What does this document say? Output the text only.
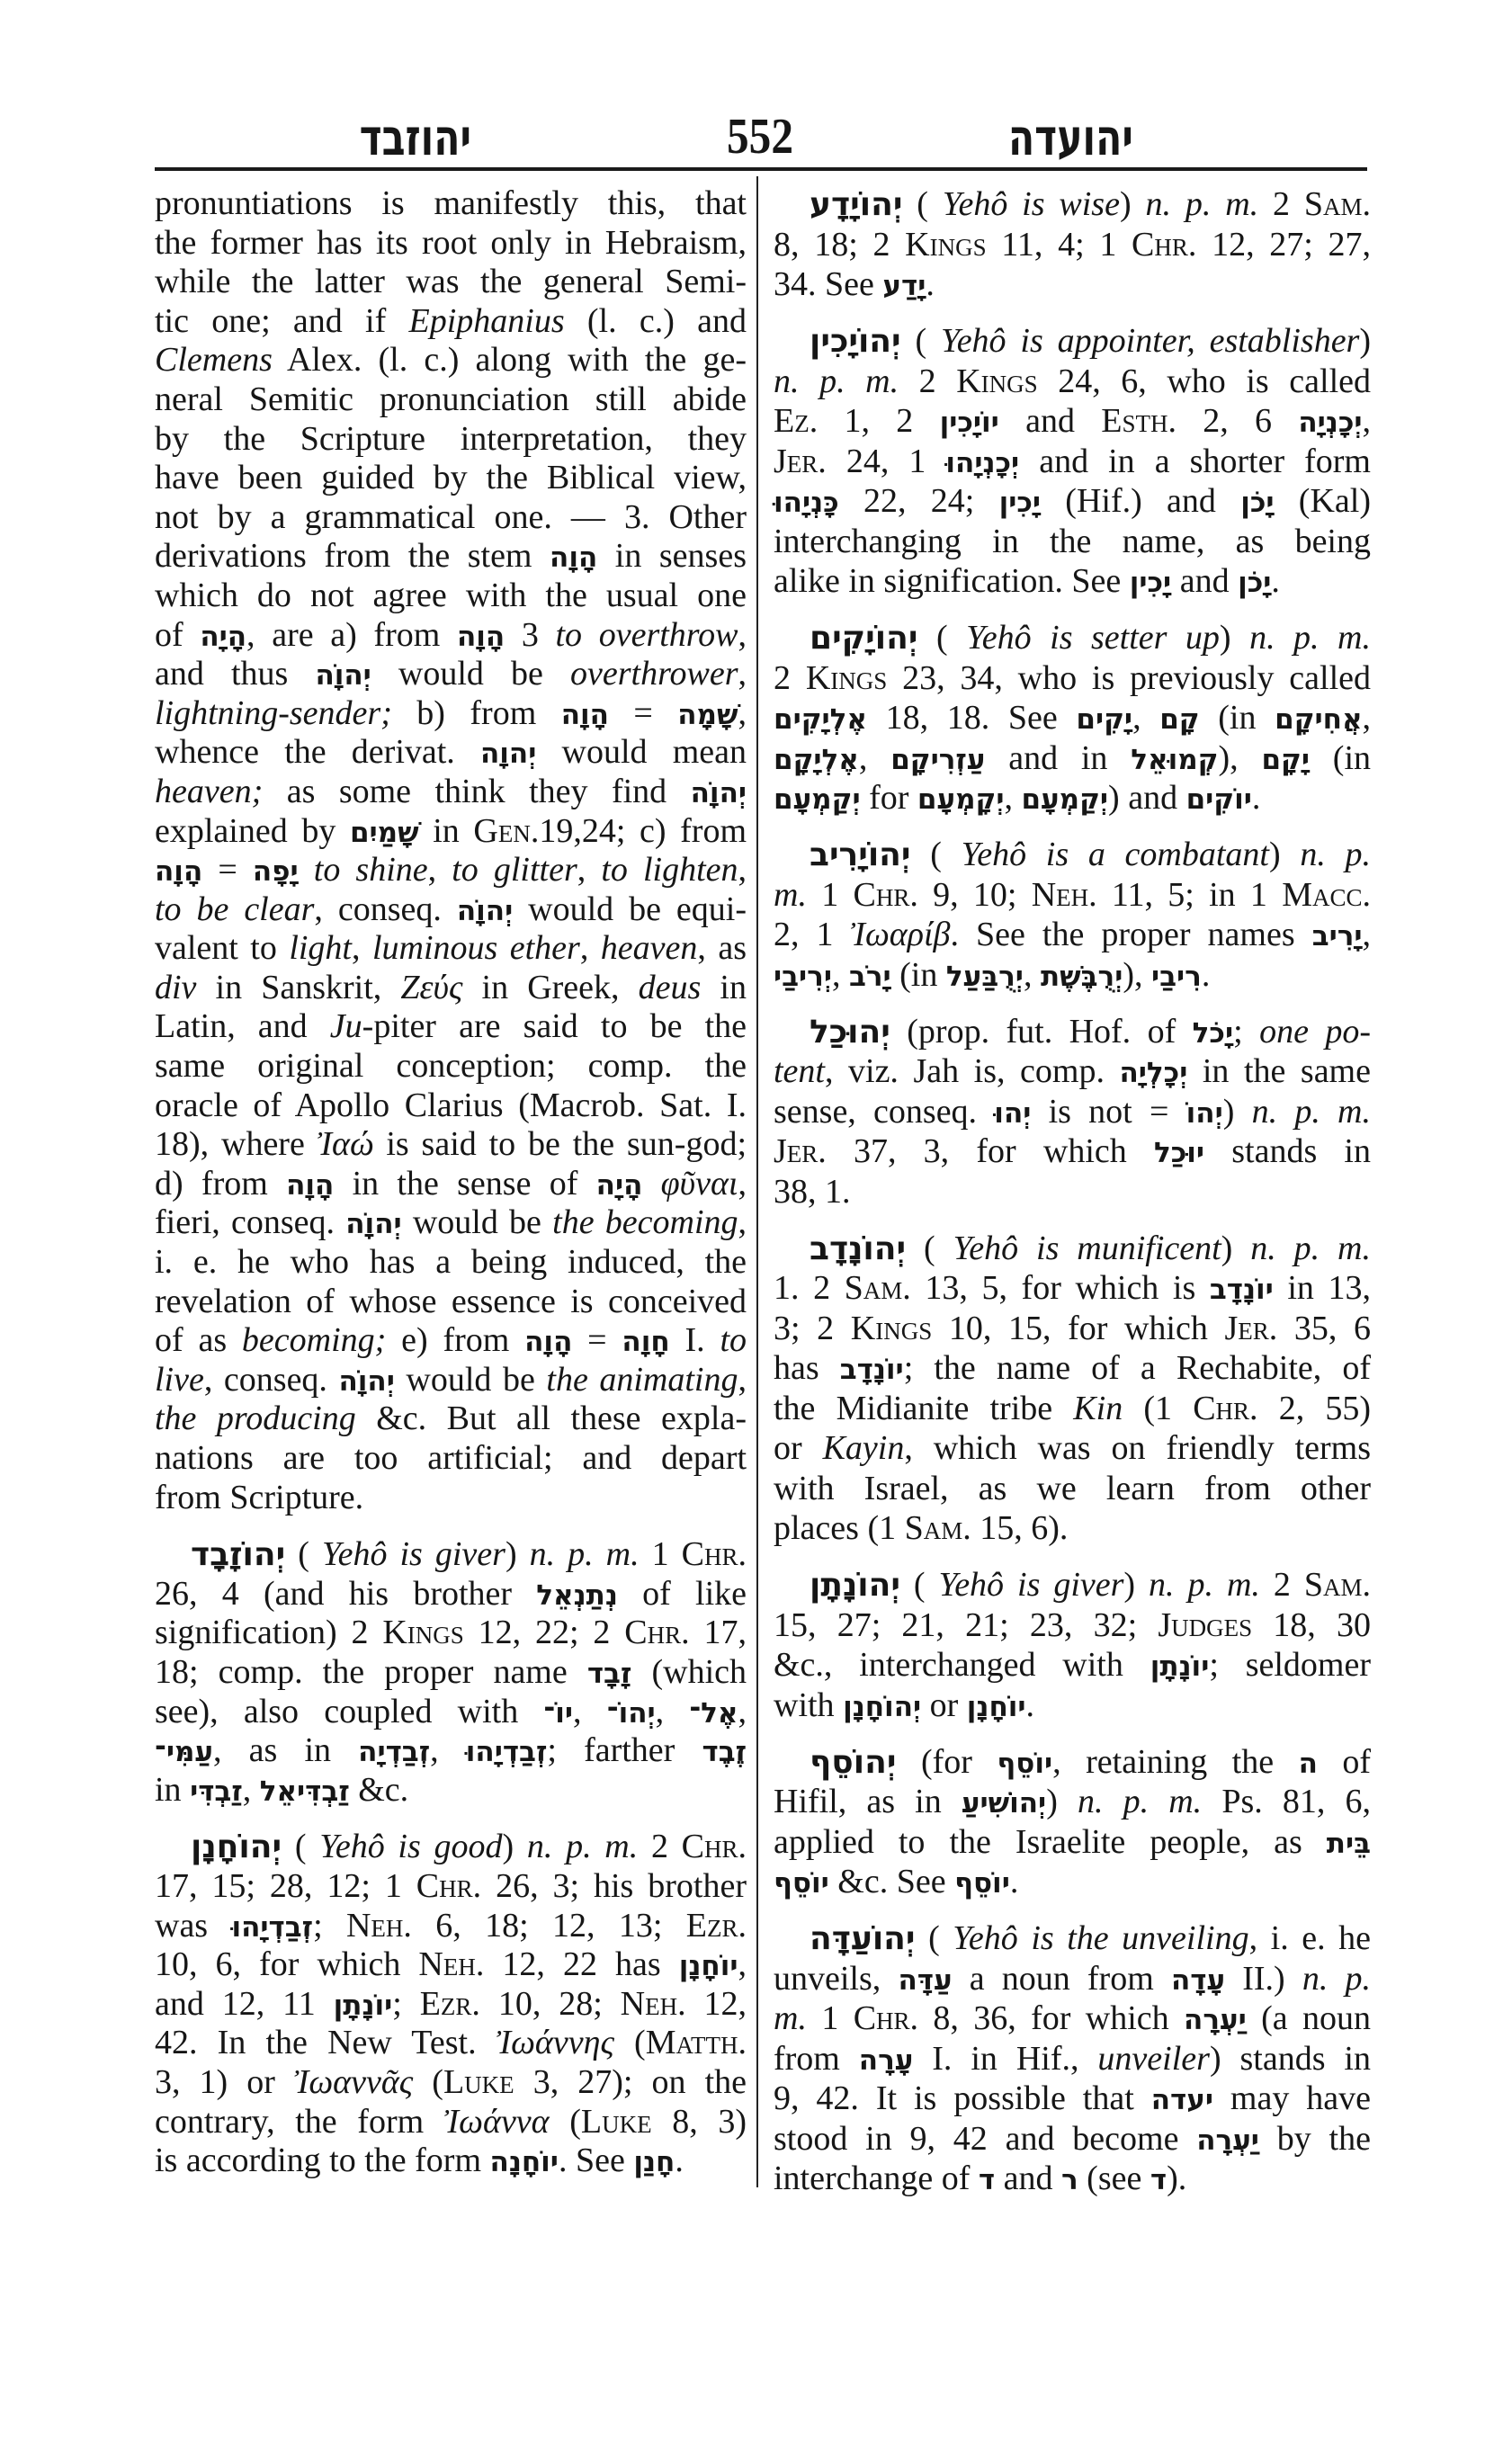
יהוזבד	552	יהועדה
pronuntiations is manifestly this, that
the former has its root only in Hebraism,
while the latter was the general Semi-
tic one; and if Epiphanius (l. c.) and
Clemens Alex. (l. c.) along with the ge-
neral Semitic pronunciation still abide
by the Scripture interpretation, they
have been guided by the Biblical view,
not by a grammatical one. — 3. Other
derivations from the stem הָוָה in senses
which do not agree with the usual one
of הָיָה, are a) from הָוָה 3 to overthrow,
and thus יְהוָֹה would be overthrower,
lightning-sender; b) from הָוָה = שָׁמָה,
whence the derivat. יְהוָה would mean
heaven; as some think they find יְהוָֹה
explained by שָׁמַיִם in Gen.19,24; c) from
הָוָה = יָפָה to shine, to glitter, to lighten,
to be clear, conseq. יְהוָֹה would be equi-
valent to light, luminous ether, heaven, as
div in Sanskrit, Ζεύς in Greek, deus in
Latin, and Ju-piter are said to be the
same original conception; comp. the
oracle of Apollo Clarius (Macrob. Sat. I.
18), where Ἰαώ is said to be the sun-god;
d) from הָוָה in the sense of הָיָה φῦναι,
fieri, conseq. יְהוָֹה would be the becoming,
i. e. he who has a being induced, the
revelation of whose essence is conceived
of as becoming; e) from הָוָה = חָוָה I. to
live, conseq. יְהוָֹה would be the animating,
the producing &c. But all these expla-
nations are too artificial; and depart
from Scripture.
יְהוֹזָבָד ( Yehô is giver) n. p. m. 1 Chr.
26, 4 (and his brother נְתַנְאֵל of like
signification) 2 Kings 12, 22; 2 Chr. 17,
18; comp. the proper name זָבָד (which
see), also coupled with יוֹ־, יְהוֹ־, אֶל־,
עַמִּי־, as in זְבַדְיָה, זְבַדְיָהוּ; farther זֶבֶד
in זַבְדִּי, זַבְדִּיאֵל &c.
יְהוֹחָנָן ( Yehô is good) n. p. m. 2 Chr.
17, 15; 28, 12; 1 Chr. 26, 3; his brother
was זְבַדְיָהוּ; Neh. 6, 18; 12, 13; Ezr.
10, 6, for which Neh. 12, 22 has יוֹחָנָן,
and 12, 11 יוֹנָתָן; Ezr. 10, 28; Neh. 12,
42. In the New Test. Ἰωάννης (Matth.
3, 1) or Ἰωαννᾶς (Luke 3, 27); on the
contrary, the form Ἰωάννα (Luke 8, 3)
is according to the form יוֹחָנָה. See חָנַן.
יְהוֹיָדָע ( Yehô is wise) n. p. m. 2 Sam.
8, 18; 2 Kings 11, 4; 1 Chr. 12, 27; 27,
34. See יָדַע.
יְהוֹיָכִין ( Yehô is appointer, establisher)
n. p. m. 2 Kings 24, 6, who is called
Ez. 1, 2 יוֹיָכִין and Esth. 2, 6 יְכָנְיָה,
Jer. 24, 1 יְכָנְיָהוּ and in a shorter form
כָּנְיָהוּ 22, 24; יָכִין (Hif.) and יָכֹן (Kal)
interchanging in the name, as being
alike in signification. See יָכִין and יָכֹן.
יְהוֹיָקִים ( Yehô is setter up) n. p. m.
2 Kings 23, 34, who is previously called
אֶלְיָקִים 18, 18. See יָקִים, קָם (in אֲחִיקָם,
אֶלְיָקָם, עַזְרִיקָם and in קְמוּאֵל), יָקָם (in
יְקַמְעָם for יְקָמְעָם, יְקַמְעָם) and יוֹקִים.
יְהוֹיָרִיב ( Yehô is a combatant) n. p.
m. 1 Chr. 9, 10; Neh. 11, 5; in 1 Macc.
2, 1 Ἰωαρίβ. See the proper names יָרִיב,
יְרִיבַי, יָרֹב (in יְרֻבַּעַל, יְרֻבֶּשֶׁת), רִיבַי.
יְהוּכַל (prop. fut. Hof. of יָכֹל; one po-
tent, viz. Jah is, comp. יְכָלְיָה in the same
sense, conseq. יְהוּ is not = יְהוֹ) n. p. m.
Jer. 37, 3, for which יוּכַל stands in
38, 1.
יְהוֹנָדָב ( Yehô is munificent) n. p. m.
1. 2 Sam. 13, 5, for which is יוֹנָדָב in 13,
3; 2 Kings 10, 15, for which Jer. 35, 6
has יוֹנָדָב; the name of a Rechabite, of
the Midianite tribe Kin (1 Chr. 2, 55)
or Kayin, which was on friendly terms
with Israel, as we learn from other
places (1 Sam. 15, 6).
יְהוֹנָתָן ( Yehô is giver) n. p. m. 2 Sam.
15, 27; 21, 21; 23, 32; Judges 18, 30
&c., interchanged with יוֹנָתָן; seldomer
with יְהוֹחָנָן or יוֹחָנָן.
יְהוֹסֵף (for יוֹסֵף, retaining the ה of
Hifil, as in יְהוֹשִׁיעַ) n. p. m. Ps. 81, 6,
applied to the Israelite people, as בֵּית
יוֹסֵף &c. See יוֹסֵף.
יְהוֹעַדָּה ( Yehô is the unveiling, i. e. he
unveils, עַדָּה a noun from עָדָה II.) n. p.
m. 1 Chr. 8, 36, for which יַעְרָה (a noun
from עָרָה I. in Hif., unveiler) stands in
9, 42. It is possible that יעדה may have
stood in 9, 42 and become יַעְרָה by the
interchange of ד and ר (see ד).
